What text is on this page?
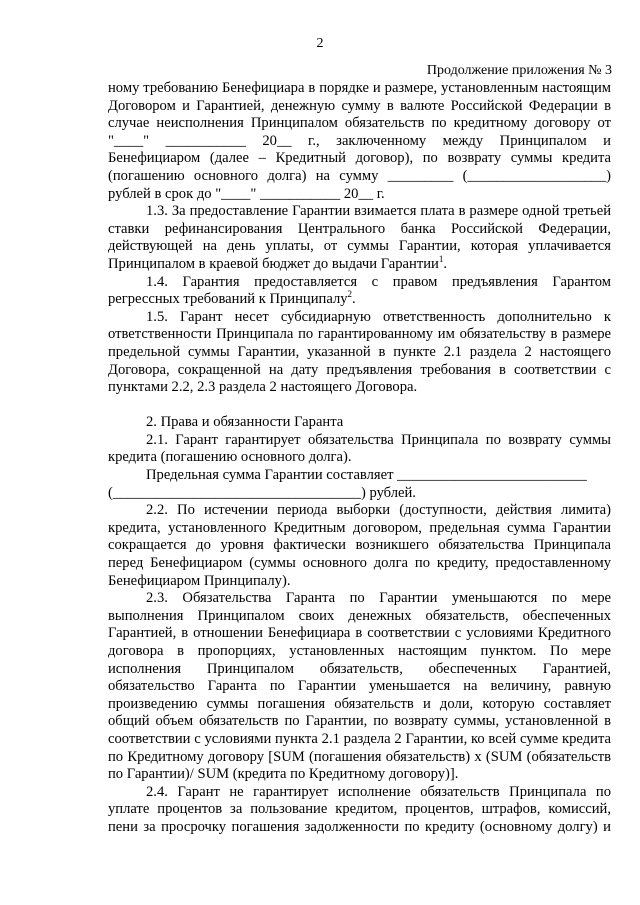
2
Продолжение приложения № 3

ному требованию Бенефициара в порядке и размере, установленным настоящим Договором и Гарантией, денежную сумму в валюте Российской Федерации в случае неисполнения Принципалом обязательств по кредитному договору от "____" ___________ 20__ г., заключенному между Принципалом и Бенефициаром (далее – Кредитный договор), по возврату суммы кредита (погашению основного долга) на сумму _________ (___________________)

рублей в срок до "____" ___________ 20__ г.

1.3. За предоставление Гарантии взимается плата в размере одной третьей ставки рефинансирования Центрального банка Российской Федерации, действующей на день уплаты, от суммы Гарантии, которая уплачивается Принципалом в краевой бюджет до выдачи Гарантии$^1$.

1.4. Гарантия предоставляется с правом предъявления Гарантом регрессных требований к Принципалу$^2$.

1.5. Гарант несет субсидиарную ответственность дополнительно к ответственности Принципала по гарантированному им обязательству в размере предельной суммы Гарантии, указанной в пункте 2.1 раздела 2 настоящего Договора, сокращенной на дату предъявления требования в соответствии с пунктами 2.2, 2.3 раздела 2 настоящего Договора.

2. Права и обязанности Гаранта

2.1. Гарант гарантирует обязательства Принципала по возврату суммы кредита (погашению основного долга).

Предельная сумма Гарантии составляет __________________________

(__________________________________) рублей.

2.2. По истечении периода выборки (доступности, действия лимита) кредита, установленного Кредитным договором, предельная сумма Гарантии сокращается до уровня фактически возникшего обязательства Принципала перед Бенефициаром (суммы основного долга по кредиту, предоставленному Бенефициаром Принципалу).

2.3. Обязательства Гаранта по Гарантии уменьшаются по мере выполнения Принципалом своих денежных обязательств, обеспеченных Гарантией, в отношении Бенефициара в соответствии с условиями Кредитного договора в пропорциях, установленных настоящим пунктом. По мере исполнения Принципалом обязательств, обеспеченных Гарантией, обязательство Гаранта по Гарантии уменьшается на величину, равную произведению суммы погашения обязательств и доли, которую составляет общий объем обязательств по Гарантии, по возврату суммы, установленной в соответствии с условиями пункта 2.1 раздела 2 Гарантии, ко всей сумме кредита по Кредитному договору [SUM (погашения обязательств) x (SUM (обязательств по Гарантии)/ SUM (кредита по Кредитному договору)].

2.4. Гарант не гарантирует исполнение обязательств Принципала по уплате процентов за пользование кредитом, процентов, штрафов, комиссий, пени за просрочку погашения задолженности по кредиту (основному долгу) и
